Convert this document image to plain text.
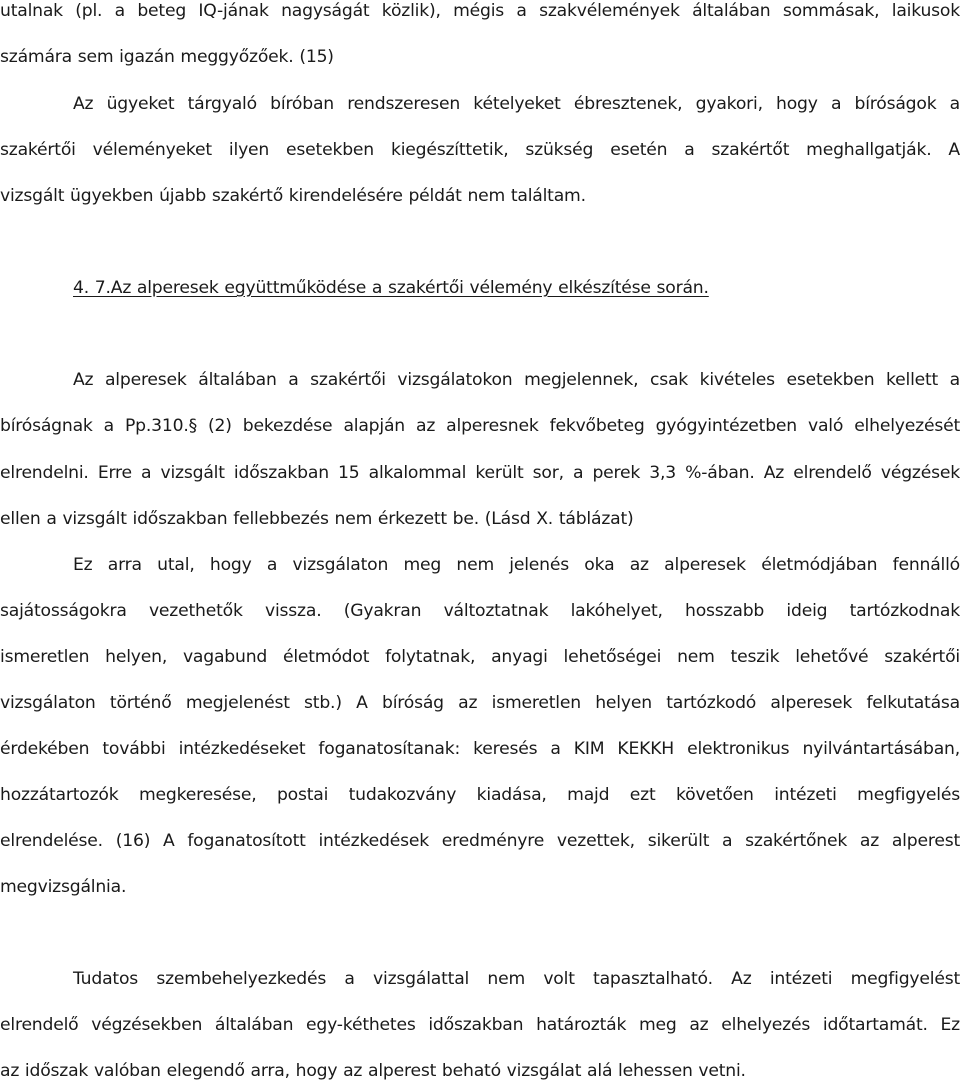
utalnak (pl. a beteg IQ-jának nagyságát közlik), mégis a szakvélemények általában sommásak, laikusok
számára sem igazán meggyőzőek. (15)
Az ügyeket tárgyaló bíróban rendszeresen kételyeket ébresztenek, gyakori, hogy a bíróságok a
szakértői véleményeket ilyen esetekben kiegészíttetik, szükség esetén a szakértőt meghallgatják. A
vizsgált ügyekben újabb szakértő kirendelésére példát nem találtam.
4. 7.Az alperesek együttműködése a szakértői vélemény elkészítése során.
Az alperesek általában a szakértői vizsgálatokon megjelennek, csak kivételes esetekben kellett a
bíróságnak a Pp.310.§ (2) bekezdése alapján az alperesnek fekvőbeteg gyógyintézetben való elhelyezését
elrendelni. Erre a vizsgált időszakban 15 alkalommal került sor, a perek 3,3 %-ában. Az elrendelő végzések
ellen a vizsgált időszakban fellebbezés nem érkezett be. (Lásd X. táblázat)
Ez arra utal, hogy a vizsgálaton meg nem jelenés oka az alperesek életmódjában fennálló
sajátosságokra vezethetők vissza. (Gyakran változtatnak lakóhelyet, hosszabb ideig tartózkodnak
ismeretlen helyen, vagabund életmódot folytatnak, anyagi lehetőségei nem teszik lehetővé szakértői
vizsgálaton történő megjelenést stb.) A bíróság az ismeretlen helyen tartózkodó alperesek felkutatása
érdekében további intézkedéseket foganatosítanak: keresés a KIM KEKKH elektronikus nyilvántartásában,
hozzátartozók megkeresése, postai tudakozvány kiadása, majd ezt követően intézeti megfigyelés
elrendelése. (16) A foganatosított intézkedések eredményre vezettek, sikerült a szakértőnek az alperest
megvizsgálnia.
Tudatos szembehelyezkedés a vizsgálattal nem volt tapasztalható. Az intézeti megfigyelést
elrendelő végzésekben általában egy-kéthetes időszakban határozták meg az elhelyezés időtartamát. Ez
az időszak valóban elegendő arra, hogy az alperest beható vizsgálat alá lehessen vetni.
